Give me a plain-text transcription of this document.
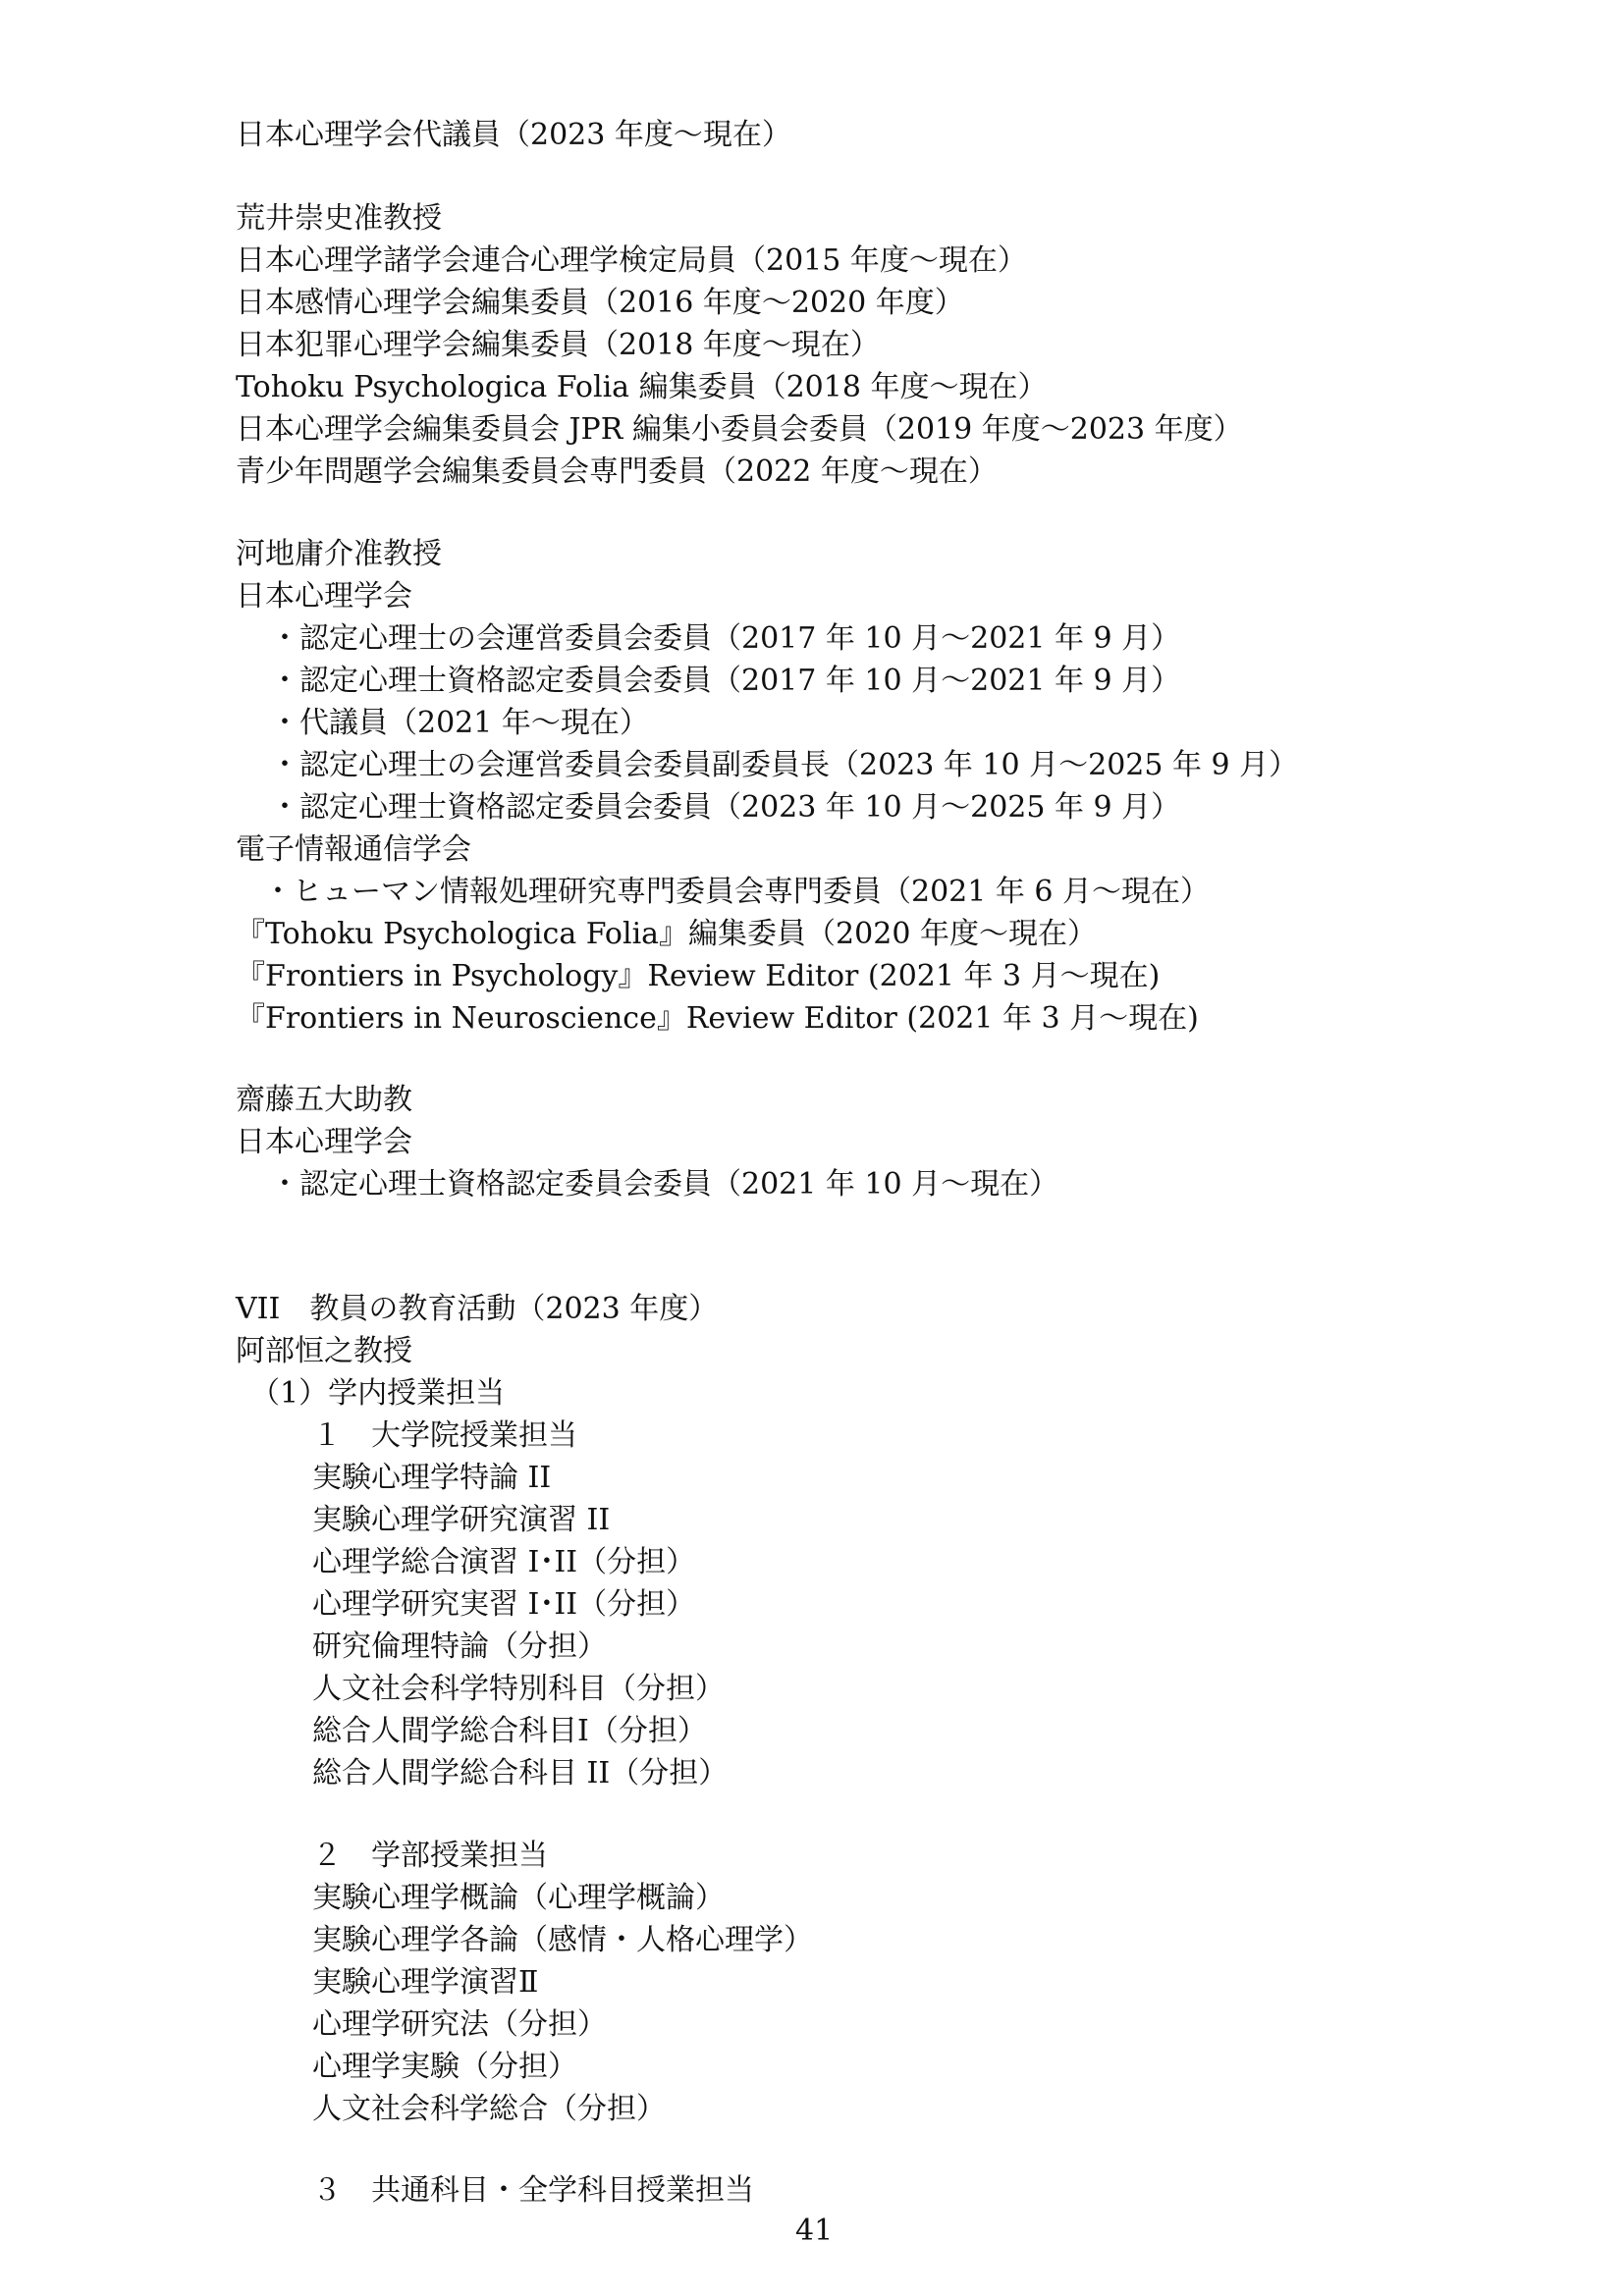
日本心理学会代議員（2023 年度～現在）
荒井崇史准教授
日本心理学諸学会連合心理学検定局員（2015 年度～現在）
日本感情心理学会編集委員（2016 年度～2020 年度）
日本犯罪心理学会編集委員（2018 年度～現在）
Tohoku Psychologica Folia 編集委員（2018 年度～現在）
日本心理学会編集委員会 JPR 編集小委員会委員（2019 年度～2023 年度）
青少年問題学会編集委員会専門委員（2022 年度～現在）
河地庸介准教授
日本心理学会
・認定心理士の会運営委員会委員（2017 年 10 月～2021 年 9 月）
・認定心理士資格認定委員会委員（2017 年 10 月～2021 年 9 月）
・代議員（2021 年～現在）
・認定心理士の会運営委員会委員副委員長（2023 年 10 月～2025 年 9 月）
・認定心理士資格認定委員会委員（2023 年 10 月～2025 年 9 月）
電子情報通信学会
・ヒューマン情報処理研究専門委員会専門委員（2021 年 6 月～現在）
『Tohoku Psychologica Folia』編集委員（2020 年度～現在）
『Frontiers in Psychology』Review Editor (2021 年 3 月～現在)
『Frontiers in Neuroscience』Review Editor (2021 年 3 月～現在)
齋藤五大助教
日本心理学会
・認定心理士資格認定委員会委員（2021 年 10 月～現在）
VII　教員の教育活動（2023 年度）
阿部恒之教授
（1）学内授業担当
１　大学院授業担当
実験心理学特論 II
実験心理学研究演習 II
心理学総合演習 I･II（分担）
心理学研究実習 I･II（分担）
研究倫理特論（分担）
人文社会科学特別科目（分担）
総合人間学総合科目I（分担）
総合人間学総合科目 II（分担）
２　学部授業担当
実験心理学概論（心理学概論）
実験心理学各論（感情・人格心理学）
実験心理学演習Ⅱ
心理学研究法（分担）
心理学実験（分担）
人文社会科学総合（分担）
３　共通科目・全学科目授業担当
41
